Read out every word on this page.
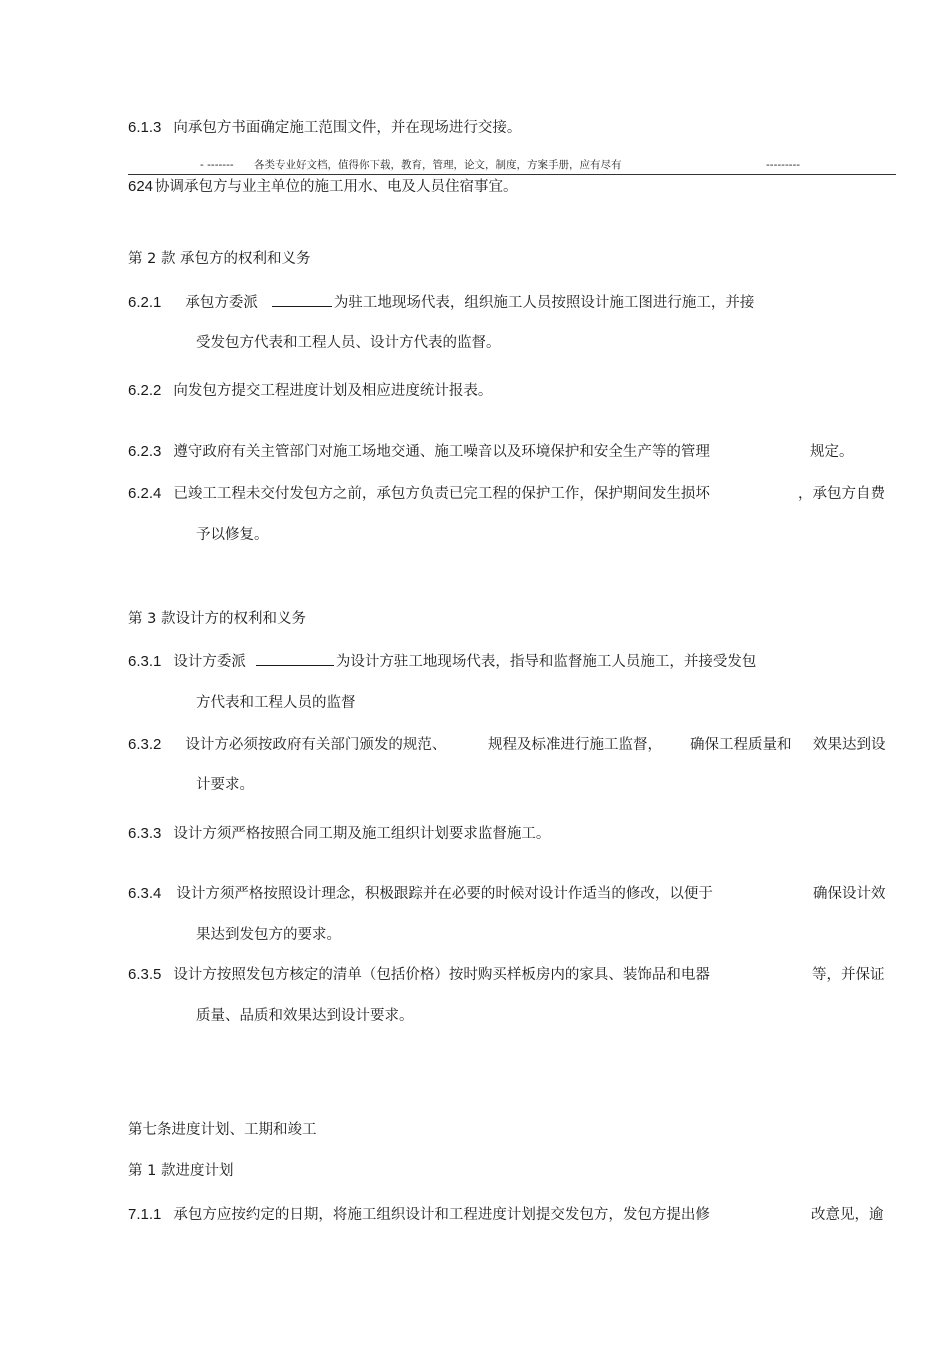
6.1.3 向承包方书面确定施工范围文件，并在现场进行交接。
- ------- 各类专业好文档，值得你下载，教育，管理，论文，制度，方案手册，应有尽有	---------
624 协调承包方与业主单位的施工用水、电及人员住宿事宜。
第 2 款 承包方的权利和义务
6.2.1 承包方委派	为驻工地现场代表，组织施工人员按照设计施工图进行施工，并接
受发包方代表和工程人员、设计方代表的监督。
6.2.2 向发包方提交工程进度计划及相应进度统计报表。
6.2.3 遵守政府有关主管部门对施工场地交通、施工噪音以及环境保护和安全生产等的管理	规定。
6.2.4 已竣工工程未交付发包方之前，承包方负责已完工程的保护工作，保护期间发生损坏	，承包方自费
予以修复。
第 3 款设计方的权利和义务
6.3.1 设计方委派	为设计方驻工地现场代表，指导和监督施工人员施工，并接受发包
方代表和工程人员的监督
6.3.2 设计方必须按政府有关部门颁发的规范、	规程及标准进行施工监督， 确保工程质量和 效果达到设
计要求。
6.3.3 设计方须严格按照合同工期及施工组织计划要求监督施工。
6.3.4 设计方须严格按照设计理念，积极跟踪并在必要的时候对设计作适当的修改，以便于	确保设计效
果达到发包方的要求。
6.3.5 设计方按照发包方核定的清单（包括价格）按时购买样板房内的家具、装饰品和电器	等，并保证
质量、品质和效果达到设计要求。
第七条进度计划、工期和竣工
第 1 款进度计划
7.1.1 承包方应按约定的日期，将施工组织设计和工程进度计划提交发包方，发包方提出修	改意见，逾
